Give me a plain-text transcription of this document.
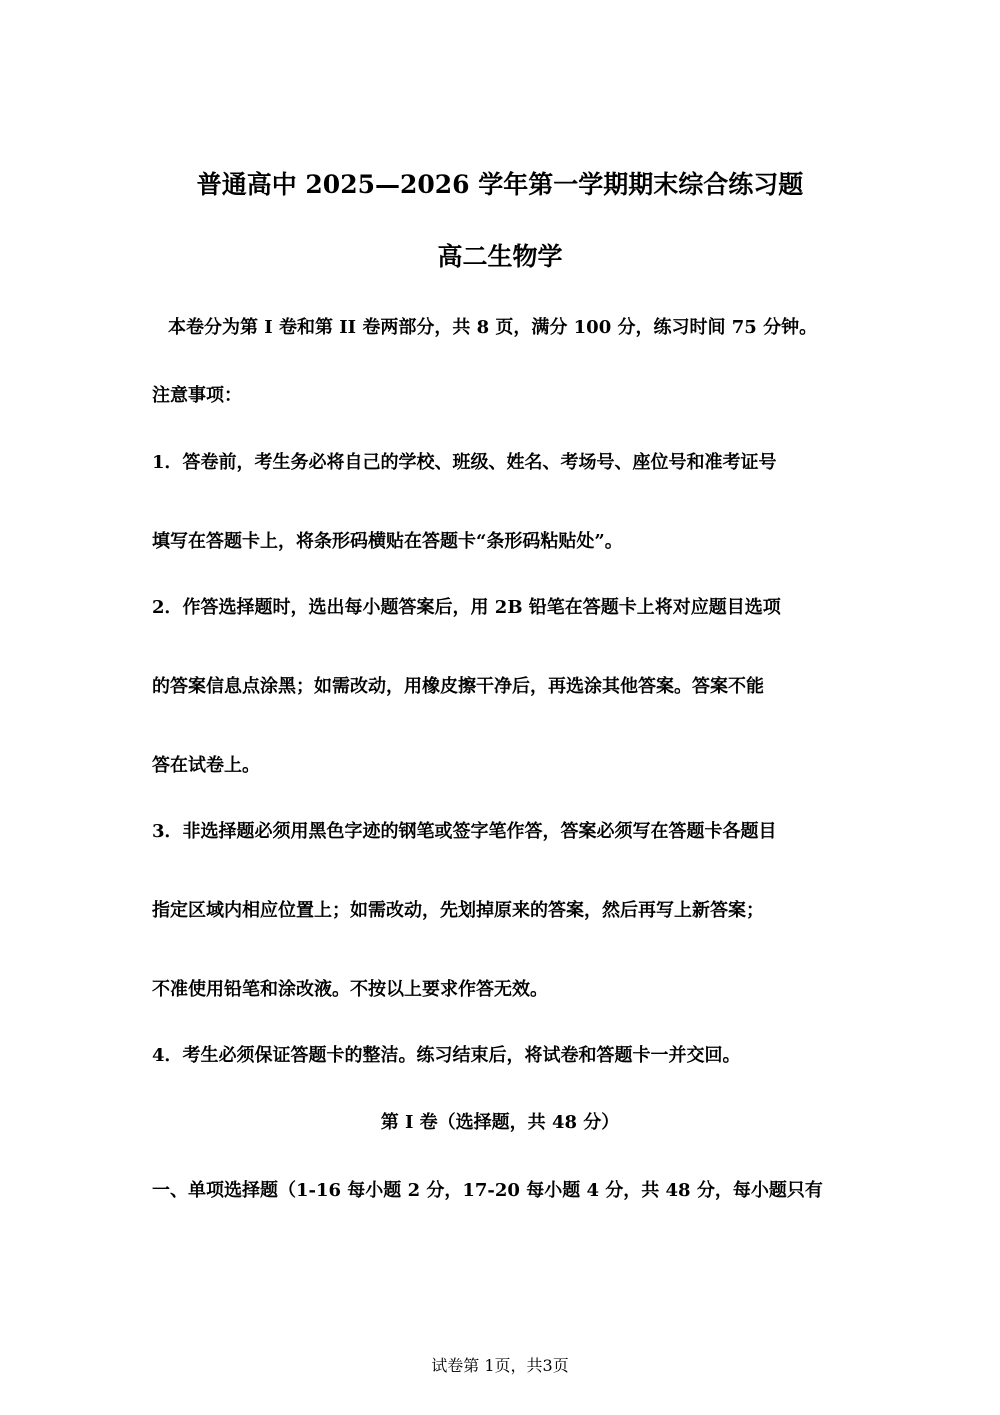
普通高中 2025—2026 学年第一学期期末综合练习题
高二生物学
本卷分为第 I 卷和第 II 卷两部分，共 8 页，满分 100 分，练习时间 75 分钟。
注意事项：
1．答卷前，考生务必将自己的学校、班级、姓名、考场号、座位号和准考证号
填写在答题卡上，将条形码横贴在答题卡“条形码粘贴处”。
2．作答选择题时，选出每小题答案后，用 2B 铅笔在答题卡上将对应题目选项
的答案信息点涂黑；如需改动，用橡皮擦干净后，再选涂其他答案。答案不能
答在试卷上。
3．非选择题必须用黑色字迹的钢笔或签字笔作答，答案必须写在答题卡各题目
指定区域内相应位置上；如需改动，先划掉原来的答案，然后再写上新答案；
不准使用铅笔和涂改液。不按以上要求作答无效。
4．考生必须保证答题卡的整洁。练习结束后，将试卷和答题卡一并交回。
第 I 卷（选择题，共 48 分）
一、单项选择题（1-16 每小题 2 分，17-20 每小题 4 分，共 48 分，每小题只有
试卷第 1页，共3页
